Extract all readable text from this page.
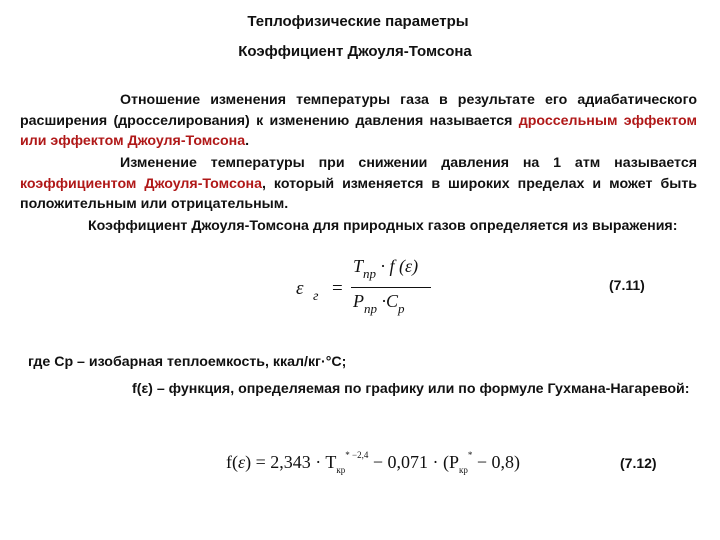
Теплофизические параметры
Коэффициент Джоуля-Томсона
Отношение изменения температуры газа в результате его адиабатического расширения (дросселирования) к изменению давления называется дроссельным эффектом или эффектом Джоуля-Томсона.
Изменение температуры при снижении давления на 1 атм называется коэффициентом Джоуля-Томсона, который изменяется в широких пределах и может быть положительным или отрицательным.
Коэффициент Джоуля-Томсона для природных газов определяется из выражения:
ε г =
$T_{пр} \cdot f$ (ε)
$P_{пр} \cdot C_р$
(7.11)
где Ср – изобарная теплоемкость, ккал/кг·°С;
f(ε) – функция, определяемая по графику или по формуле Гухмана-Нагаревой:
$f(\varepsilon) = 2,343 \cdot T_{кр}^{* -2,4} - 0,071 \cdot (P_{кр}^* - 0,8)$	(7.12)
